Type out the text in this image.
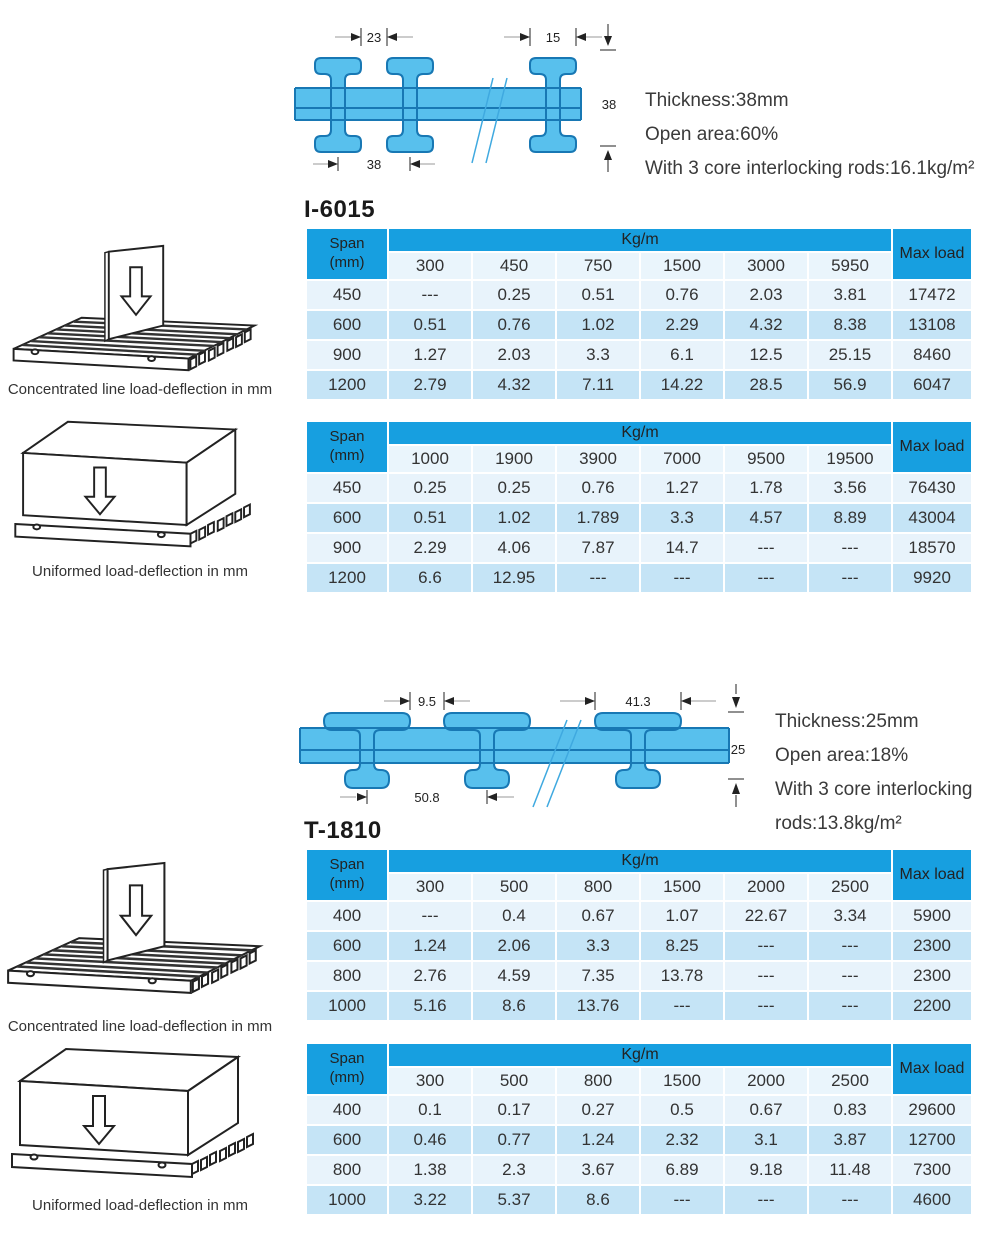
23	15
38
38
Thickness:38mm
Open area:60%
With 3 core interlocking rods:16.1kg/m²
I-6015
Span
(mm)	Kg/m						Max load
	300	450	750	1500	3000	5950	
450	---	0.25	0.51	0.76	2.03	3.81	17472
600	0.51	0.76	1.02	2.29	4.32	8.38	13108
900	1.27	2.03	3.3	6.1	12.5	25.15	8460
1200	2.79	4.32	7.11	14.22	28.5	56.9	6047
Concentrated line load-deflection in mm
Span
(mm)	Kg/m						Max load
	1000	1900	3900	7000	9500	19500	
450	0.25	0.25	0.76	1.27	1.78	3.56	76430
600	0.51	1.02	1.789	3.3	4.57	8.89	43004
900	2.29	4.06	7.87	14.7	---	---	18570
1200	6.6	12.95	---	---	---	---	9920
Uniformed load-deflection in mm
9.5	41.3
25
50.8
Thickness:25mm
Open area:18%
With 3 core interlocking rods:13.8kg/m²
T-1810
Span
(mm)	Kg/m						Max load
	300	500	800	1500	2000	2500	
400	---	0.4	0.67	1.07	22.67	3.34	5900
600	1.24	2.06	3.3	8.25	---	---	2300
800	2.76	4.59	7.35	13.78	---	---	2300
1000	5.16	8.6	13.76	---	---	---	2200
Concentrated line load-deflection in mm
Span
(mm)	Kg/m						Max load
	300	500	800	1500	2000	2500	
400	0.1	0.17	0.27	0.5	0.67	0.83	29600
600	0.46	0.77	1.24	2.32	3.1	3.87	12700
800	1.38	2.3	3.67	6.89	9.18	11.48	7300
1000	3.22	5.37	8.6	---	---	---	4600
Uniformed load-deflection in mm
